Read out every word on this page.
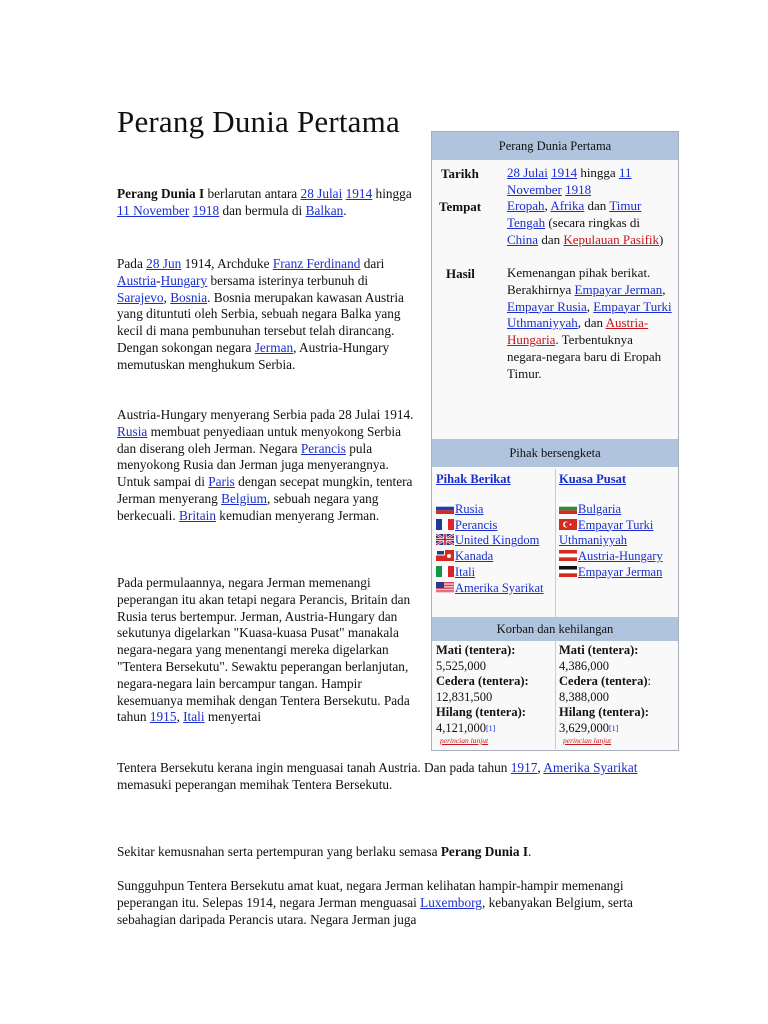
Perang Dunia Pertama

Perang Dunia I berlarutan antara 28 Julai 1914 hingga 11 November 1918 dan bermula di Balkan.

Pada 28 Jun 1914, Archduke Franz Ferdinand dari Austria-Hungary bersama isterinya terbunuh di Sarajevo, Bosnia. Bosnia merupakan kawasan Austria yang dituntuti oleh Serbia, sebuah negara Balka yang kecil di mana pembunuhan tersebut telah dirancang. Dengan sokongan negara Jerman, Austria-Hungary memutuskan menghukum Serbia.

Austria-Hungary menyerang Serbia pada 28 Julai 1914. Rusia membuat penyediaan untuk menyokong Serbia dan diserang oleh Jerman. Negara Perancis pula menyokong Rusia dan Jerman juga menyerangnya. Untuk sampai di Paris dengan secepat mungkin, tentera Jerman menyerang Belgium, sebuah negara yang berkecuali. Britain kemudian menyerang Jerman.

Pada permulaannya, negara Jerman memenangi peperangan itu akan tetapi negara Perancis, Britain dan Rusia terus bertempur. Jerman, Austria-Hungary dan sekutunya digelarkan "Kuasa-kuasa Pusat" manakala negara-negara yang menentangi mereka digelarkan "Tentera Bersekutu". Sewaktu peperangan berlanjutan, negara-negara lain bercampur tangan. Hampir kesemuanya memihak dengan Tentera Bersekutu. Pada tahun 1915, Itali menyertai

Tentera Bersekutu kerana ingin menguasai tanah Austria. Dan pada tahun 1917, Amerika Syarikat memasuki peperangan memihak Tentera Bersekutu.

Sekitar kemusnahan serta pertempuran yang berlaku semasa Perang Dunia I.

Sungguhpun Tentera Bersekutu amat kuat, negara Jerman kelihatan hampir-hampir memenangi peperangan itu. Selepas 1914, negara Jerman menguasai Luxemborg, kebanyakan Belgium, serta sebahagian daripada Perancis utara. Negara Jerman juga

Perang Dunia Pertama
Tarikh 28 Julai 1914 hingga 11 November 1918
Tempat Eropah, Afrika dan Timur Tengah (secara ringkas di China dan Kepulauan Pasifik)
Hasil Kemenangan pihak berikat. Berakhirnya Empayar Jerman, Empayar Rusia, Empayar Turki Uthmaniyyah, dan Austria-Hungaria. Terbentuknya negara-negara baru di Eropah Timur.
Pihak bersengketa
Pihak Berikat
Rusia
Perancis
United Kingdom
Kanada
Itali
Amerika Syarikat
Kuasa Pusat
Bulgaria
Empayar Turki Uthmaniyyah
Austria-Hungary
Empayar Jerman
Korban dan kehilangan
Mati (tentera):
5,525,000
Cedera (tentera):
12,831,500
Hilang (tentera):
4,121,000[1]
perincian lanjut
Mati (tentera):
4,386,000
Cedera (tentera):
8,388,000
Hilang (tentera):
3,629,000[1]
perincian lanjut
